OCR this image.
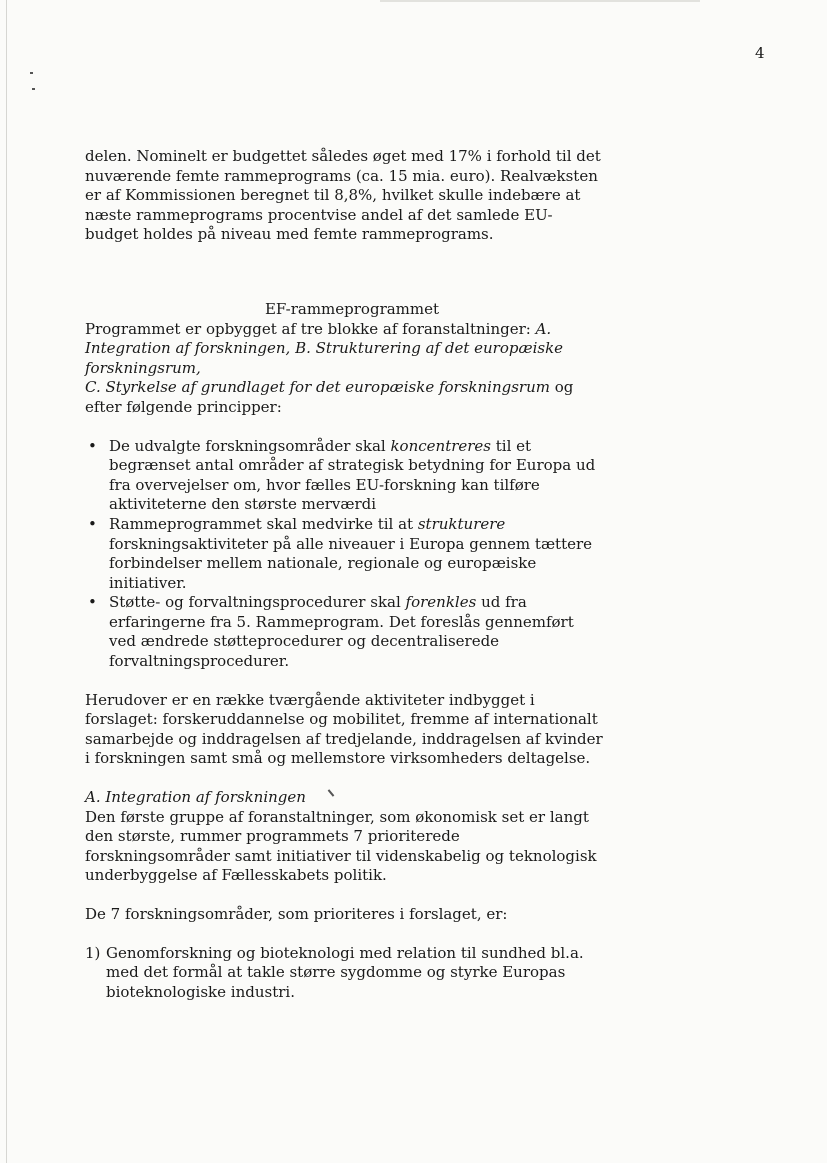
4

delen. Nominelt er budgettet således øget med 17% i forhold til det nuværende femte rammeprograms (ca. 15 mia. euro). Realvæksten er af Kommissionen beregnet til 8,8%, hvilket skulle indebære at næste rammeprograms procentvise andel af det samlede EU-budget holdes på niveau med femte rammeprograms.

EF-rammeprogrammet

Programmet er opbygget af tre blokke af foranstaltninger: A. Integration af forskningen, B. Strukturering af det europæiske forskningsrum,
C. Styrkelse af grundlaget for det europæiske forskningsrum og efter følgende principper:

• De udvalgte forskningsområder skal koncentreres til et begrænset antal områder af strategisk betydning for Europa ud fra overvejelser om, hvor fælles EU-forskning kan tilføre aktiviteterne den største merværdi
• Rammeprogrammet skal medvirke til at strukturere forskningsaktiviteter på alle niveauer i Europa gennem tættere forbindelser mellem nationale, regionale og europæiske initiativer.
• Støtte- og forvaltningsprocedurer skal forenkles ud fra erfaringerne fra 5. Rammeprogram. Det foreslås gennemført ved ændrede støtteprocedurer og decentraliserede forvaltningsprocedurer.

Herudover er en række tværgående aktiviteter indbygget i forslaget: forskeruddannelse og mobilitet, fremme af internationalt samarbejde og inddragelsen af tredjelande, inddragelsen af kvinder i forskningen samt små og mellemstore virksomheders deltagelse.

A. Integration af forskningen
Den første gruppe af foranstaltninger, som økonomisk set er langt den største, rummer programmets 7 prioriterede forskningsområder samt initiativer til videnskabelig og teknologisk underbyggelse af Fællesskabets politik.

De 7 forskningsområder, som prioriteres i forslaget, er:

1) Genomforskning og bioteknologi med relation til sundhed bl.a. med det formål at takle større sygdomme og styrke Europas bioteknologiske industri.
